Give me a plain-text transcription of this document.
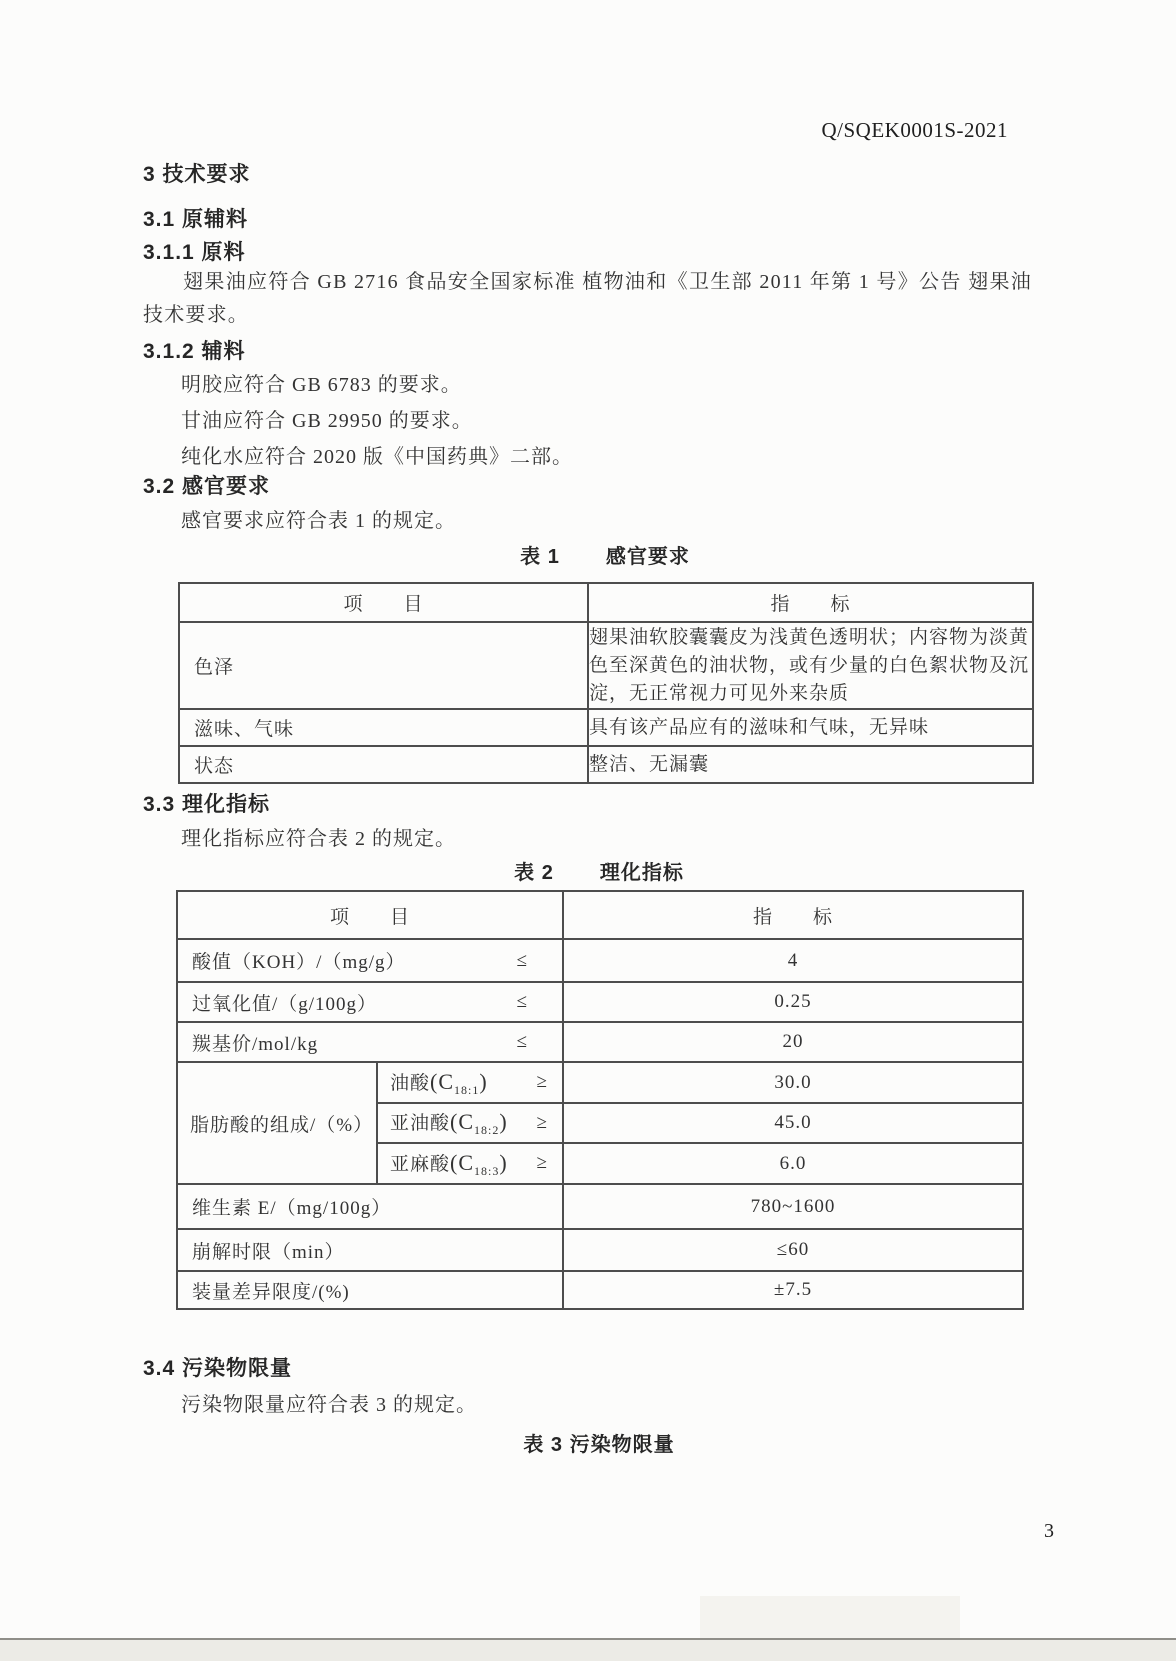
Q/SQEK0001S-2021
3 技术要求
3.1 原辅料
3.1.1 原料
翅果油应符合 GB 2716 食品安全国家标准 植物油和《卫生部 2011 年第 1 号》公告 翅果油技术要求。
3.1.2 辅料
明胶应符合 GB 6783 的要求。
甘油应符合 GB 29950 的要求。
纯化水应符合 2020 版《中国药典》二部。
3.2 感官要求
感官要求应符合表 1 的规定。
表 1 感官要求
项　　目	指　　标

色泽	翅果油软胶囊囊皮为浅黄色透明状；内容物为淡黄色至深黄色的油状物，或有少量的白色絮状物及沉淀，无正常视力可见外来杂质

滋味、气味	具有该产品应有的滋味和气味，无异味

状态	整洁、无漏囊
3.3 理化指标
理化指标应符合表 2 的规定。
表 2 理化指标
项　　目		指　　标

酸值（KOH）/（mg/g） ≤		4

过氧化值/（g/100g） ≤		0.25

羰基价/mol/kg ≤		20

脂肪酸的组成/（%）	油酸$(C_{18:1})$ ≥	30.0

	亚油酸$(C_{18:2})$ ≥	45.0

	亚麻酸$(C_{18:3})$ ≥	6.0

维生素 E/（mg/100g）		780~1600

崩解时限（min）		≤60

装量差异限度/(%)		±7.5
3.4 污染物限量
污染物限量应符合表 3 的规定。
表 3 污染物限量
3
